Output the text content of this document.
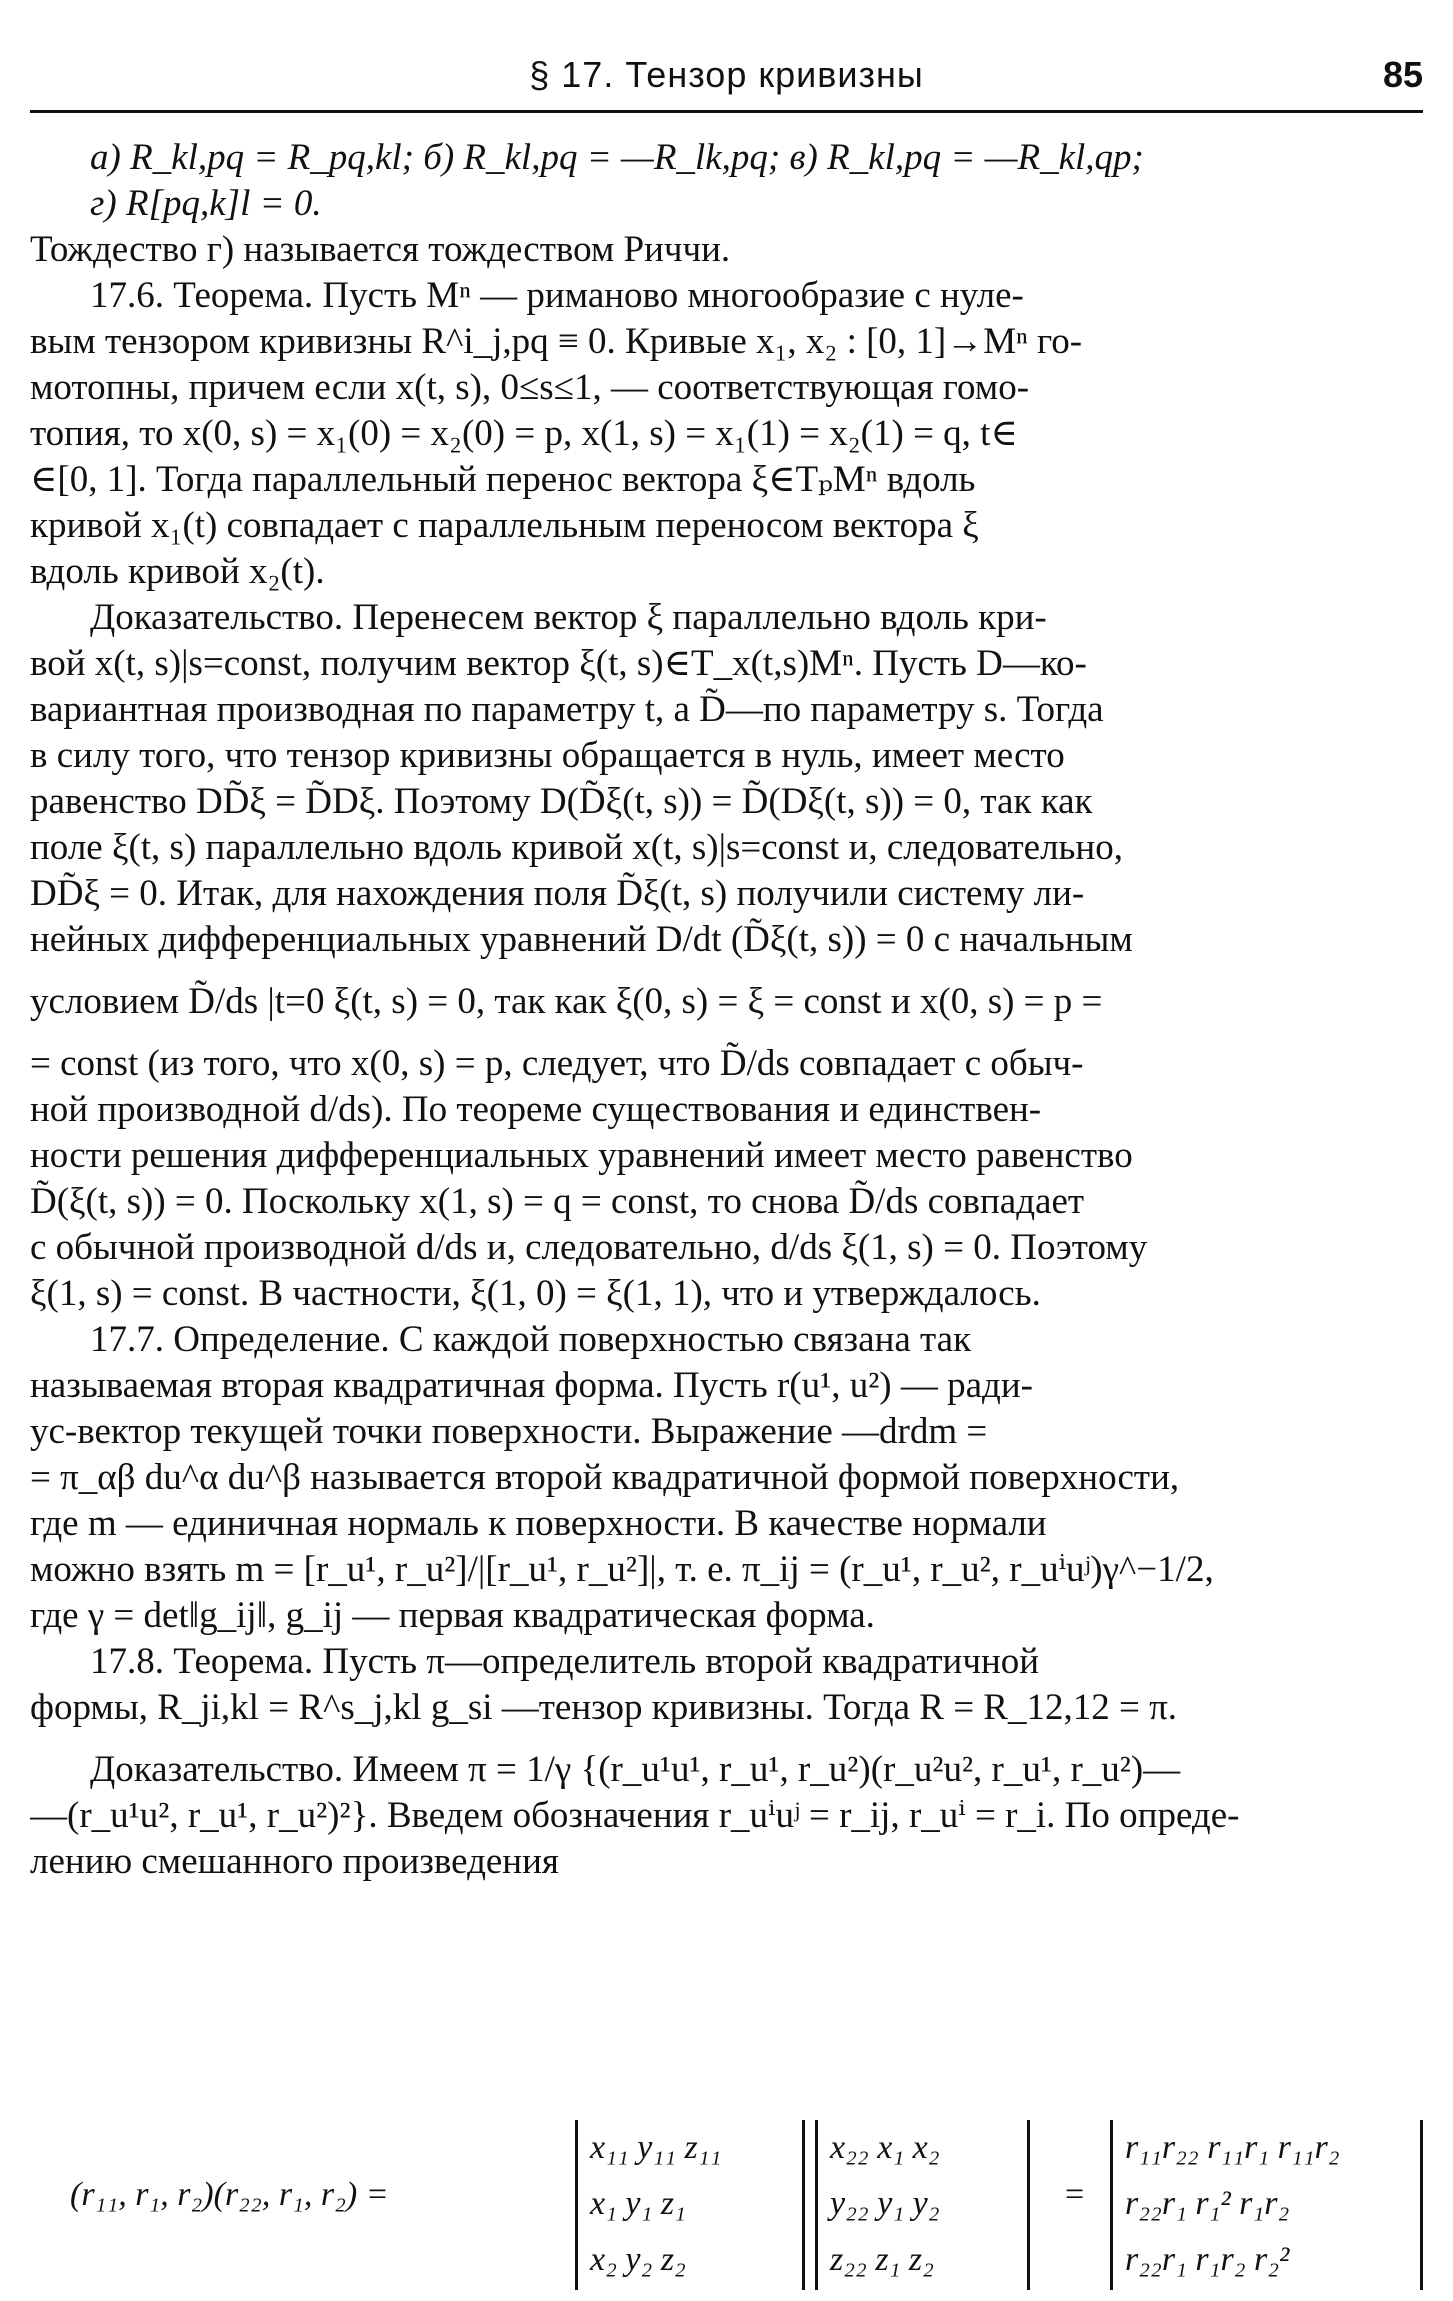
§ 17. Тензор кривизны	85
а) R_kl,pq = R_pq,kl; б) R_kl,pq = —R_lk,pq; в) R_kl,pq = —R_kl,qp;
г) R[pq,k]l = 0.
Тождество г) называется тождеством Риччи.
17.6. Теорема. Пусть Mⁿ — риманово многообразие с нуле-
вым тензором кривизны R^i_j,pq ≡ 0. Кривые x₁, x₂ : [0, 1]→Mⁿ го-
мотопны, причем если x(t, s), 0≤s≤1, — соответствующая гомо-
топия, то x(0, s) = x₁(0) = x₂(0) = p, x(1, s) = x₁(1) = x₂(1) = q, t∈
∈[0, 1]. Тогда параллельный перенос вектора ξ∈TₚMⁿ вдоль
кривой x₁(t) совпадает с параллельным переносом вектора ξ
вдоль кривой x₂(t).
Доказательство. Перенесем вектор ξ параллельно вдоль кри-
вой x(t, s)|s=const, получим вектор ξ(t, s)∈T_x(t,s)Mⁿ. Пусть D—ко-
вариантная производная по параметру t, а D̃—по параметру s. Тогда
в силу того, что тензор кривизны обращается в нуль, имеет место
равенство DD̃ξ = D̃Dξ. Поэтому D(D̃ξ(t, s)) = D̃(Dξ(t, s)) = 0, так как
поле ξ(t, s) параллельно вдоль кривой x(t, s)|s=const и, следовательно,
DD̃ξ = 0. Итак, для нахождения поля D̃ξ(t, s) получили систему ли-
нейных дифференциальных уравнений D/dt (D̃ξ(t, s)) = 0 с начальным
условием D̃/ds |t=0 ξ(t, s) = 0, так как ξ(0, s) = ξ = const и x(0, s) = p =
= const (из того, что x(0, s) = p, следует, что D̃/ds совпадает с обыч-
ной производной d/ds). По теореме существования и единствен-
ности решения дифференциальных уравнений имеет место равенство
D̃(ξ(t, s)) = 0. Поскольку x(1, s) = q = const, то снова D̃/ds совпадает
с обычной производной d/ds и, следовательно, d/ds ξ(1, s) = 0. Поэтому
ξ(1, s) = const. В частности, ξ(1, 0) = ξ(1, 1), что и утверждалось.
17.7. Определение. С каждой поверхностью связана так
называемая вторая квадратичная форма. Пусть r(u¹, u²) — ради-
ус-вектор текущей точки поверхности. Выражение —drdm =
= π_αβ du^α du^β называется второй квадратичной формой поверхности,
где m — единичная нормаль к поверхности. В качестве нормали
можно взять m = [r_u¹, r_u²]/|[r_u¹, r_u²]|, т. е. π_ij = (r_u¹, r_u², r_uⁱuʲ)γ^−1/2,
где γ = det‖g_ij‖, g_ij — первая квадратическая форма.
17.8. Теорема. Пусть π—определитель второй квадратичной
формы, R_ji,kl = R^s_j,kl g_si —тензор кривизны. Тогда R = R_12,12 = π.
Доказательство. Имеем π = 1/γ {(r_u¹u¹, r_u¹, r_u²)(r_u²u², r_u¹, r_u²)—
—(r_u¹u², r_u¹, r_u²)²}. Введем обозначения r_uⁱuʲ = r_ij, r_uⁱ = r_i. По опреде-
лению смешанного произведения
(r₁₁, r₁, r₂)(r₂₂, r₁, r₂) =
x₁₁ y₁₁ z₁₁
x₁ y₁ z₁
x₂ y₂ z₂
x₂₂ x₁ x₂
y₂₂ y₁ y₂
z₂₂ z₁ z₂
=
r₁₁r₂₂ r₁₁r₁ r₁₁r₂
r₂₂r₁ r₁² r₁r₂
r₂₂r₁ r₁r₂ r₂²
